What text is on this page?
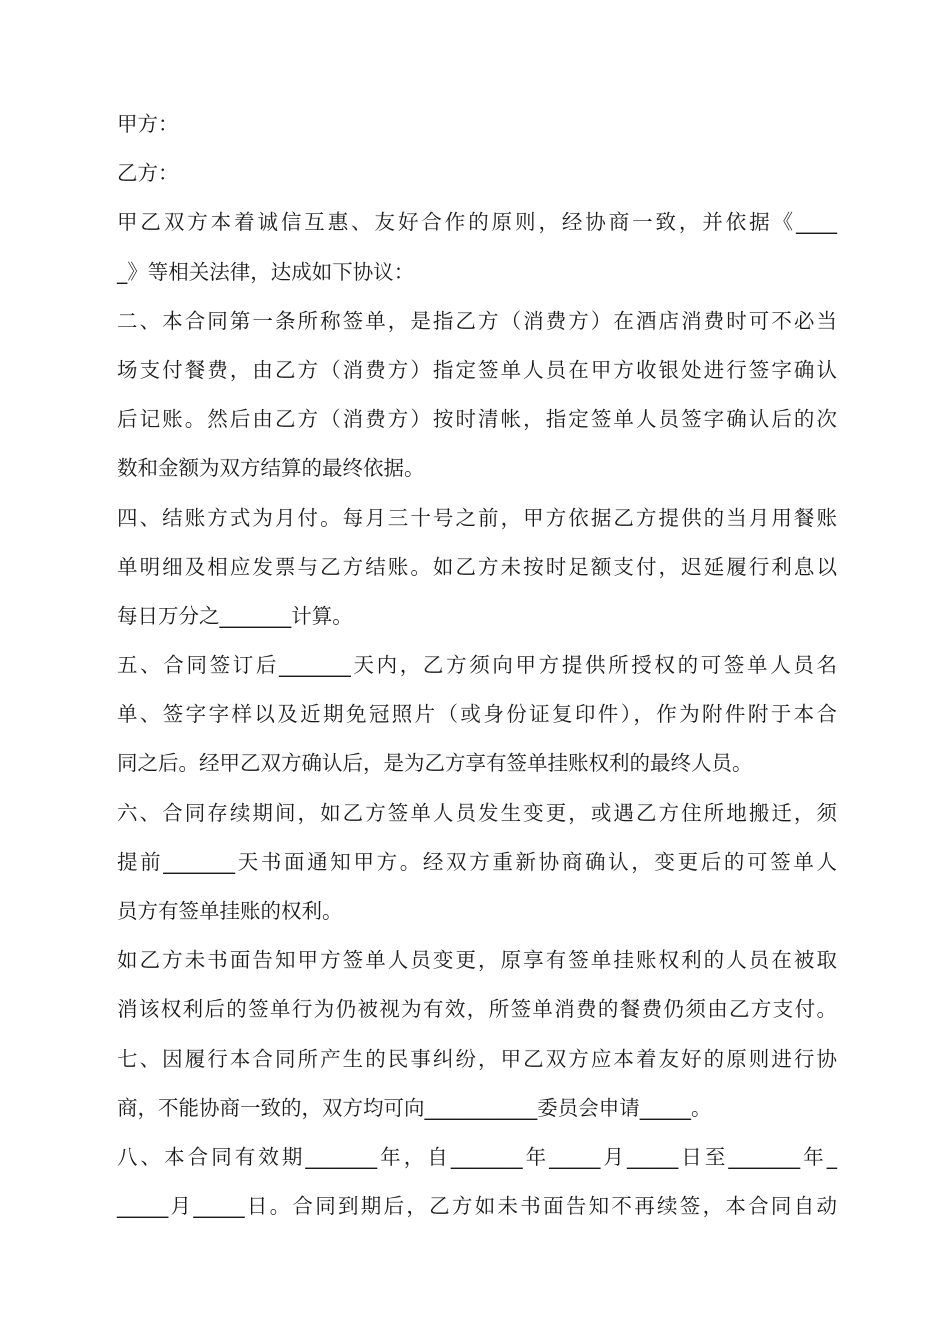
甲方：
乙方：
甲乙双方本着诚信互惠、友好合作的原则，经协商一致，并依据《____
_》等相关法律，达成如下协议：
二、本合同第一条所称签单，是指乙方（消费方）在酒店消费时可不必当
场支付餐费，由乙方（消费方）指定签单人员在甲方收银处进行签字确认
后记账。然后由乙方（消费方）按时清帐，指定签单人员签字确认后的次
数和金额为双方结算的最终依据。
四、结账方式为月付。每月三十号之前，甲方依据乙方提供的当月用餐账
单明细及相应发票与乙方结账。如乙方未按时足额支付，迟延履行利息以
每日万分之_______计算。
五、合同签订后_______天内，乙方须向甲方提供所授权的可签单人员名
单、签字字样以及近期免冠照片（或身份证复印件），作为附件附于本合
同之后。经甲乙双方确认后，是为乙方享有签单挂账权利的最终人员。
六、合同存续期间，如乙方签单人员发生变更，或遇乙方住所地搬迁，须
提前_______天书面通知甲方。经双方重新协商确认，变更后的可签单人
员方有签单挂账的权利。
如乙方未书面告知甲方签单人员变更，原享有签单挂账权利的人员在被取
消该权利后的签单行为仍被视为有效，所签单消费的餐费仍须由乙方支付。
七、因履行本合同所产生的民事纠纷，甲乙双方应本着友好的原则进行协
商，不能协商一致的，双方均可向___________委员会申请_____。
八、本合同有效期_______年，自_______年_____月_____日至_______年_
_____月_____日。合同到期后，乙方如未书面告知不再续签，本合同自动
